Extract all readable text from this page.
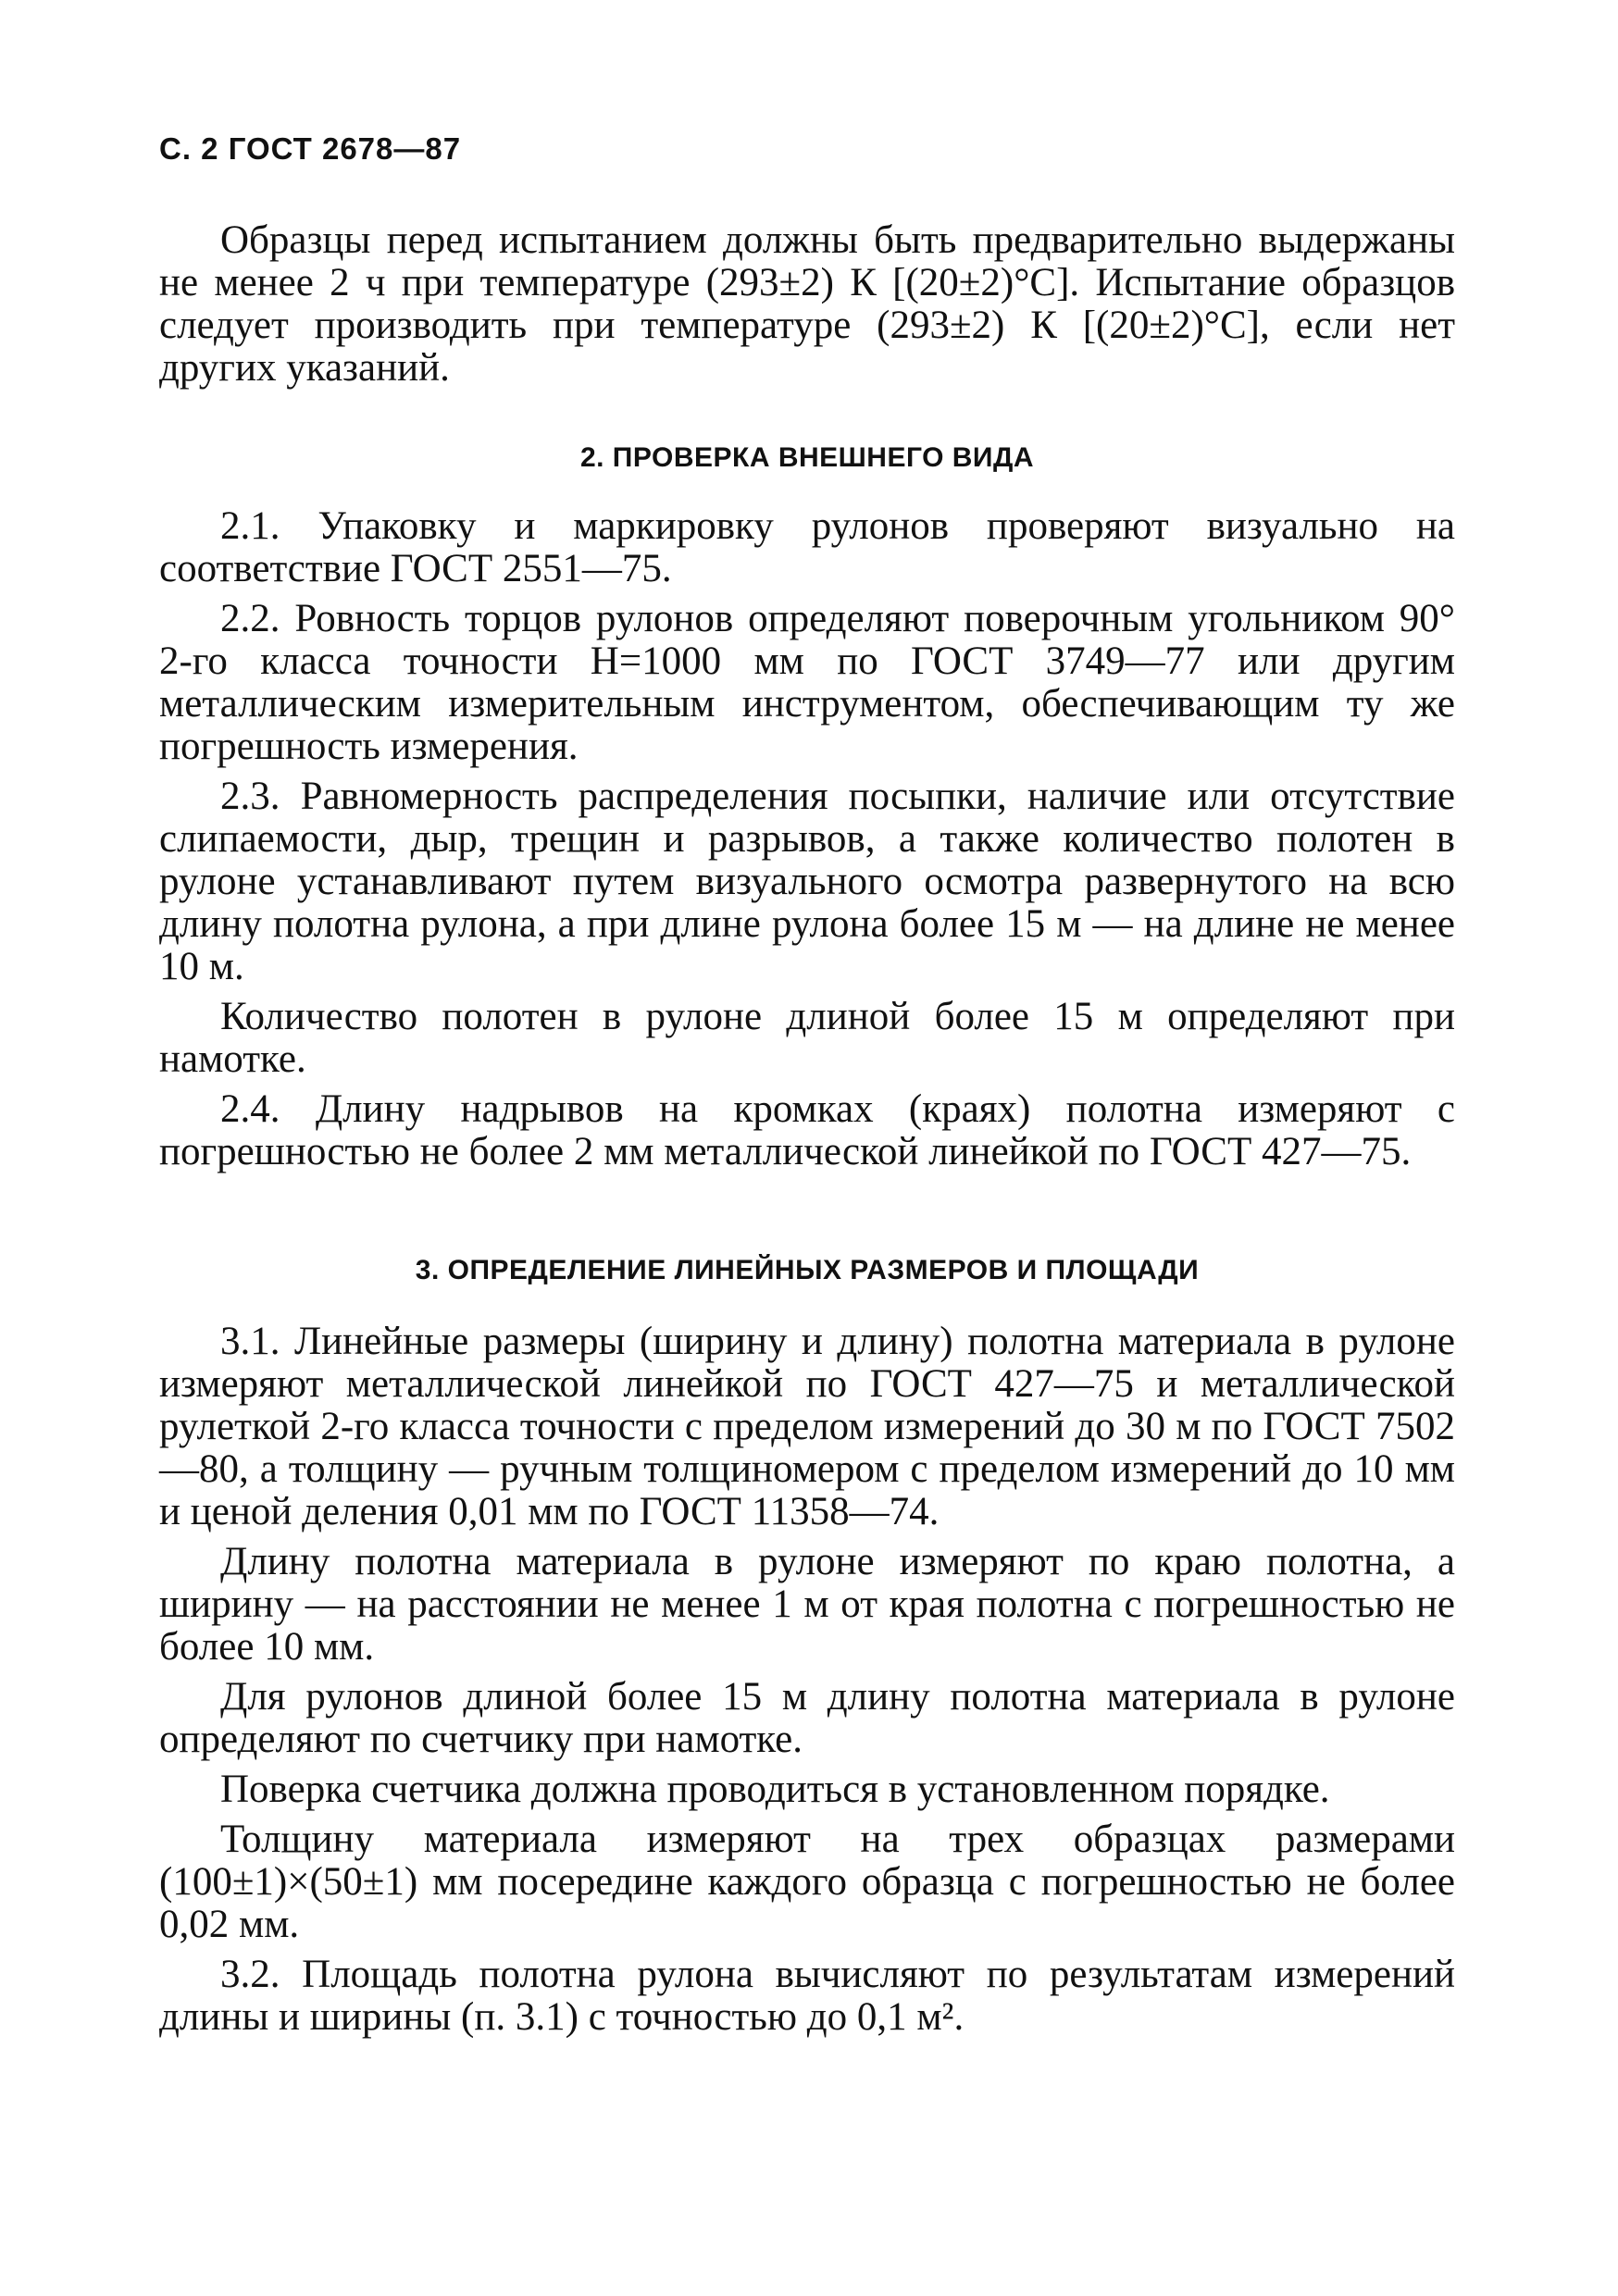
С. 2 ГОСТ 2678—87

Образцы перед испытанием должны быть предварительно выдержаны не менее 2 ч при температуре (293±2) К [(20±2)°С]. Испытание образцов следует производить при температуре (293±2) К [(20±2)°С], если нет других указаний.

2. ПРОВЕРКА ВНЕШНЕГО ВИДА

2.1. Упаковку и маркировку рулонов проверяют визуально на соответствие ГОСТ 2551—75.

2.2. Ровность торцов рулонов определяют поверочным угольником 90° 2-го класса точности H=1000 мм по ГОСТ 3749—77 или другим металлическим измерительным инструментом, обеспечивающим ту же погрешность измерения.

2.3. Равномерность распределения посыпки, наличие или отсутствие слипаемости, дыр, трещин и разрывов, а также количество полотен в рулоне устанавливают путем визуального осмотра развернутого на всю длину полотна рулона, а при длине рулона более 15 м — на длине не менее 10 м.

Количество полотен в рулоне длиной более 15 м определяют при намотке.

2.4. Длину надрывов на кромках (краях) полотна измеряют с погрешностью не более 2 мм металлической линейкой по ГОСТ 427—75.

3. ОПРЕДЕЛЕНИЕ ЛИНЕЙНЫХ РАЗМЕРОВ И ПЛОЩАДИ

3.1. Линейные размеры (ширину и длину) полотна материала в рулоне измеряют металлической линейкой по ГОСТ 427—75 и металлической рулеткой 2-го класса точности с пределом измерений до 30 м по ГОСТ 7502—80, а толщину — ручным толщиномером с пределом измерений до 10 мм и ценой деления 0,01 мм по ГОСТ 11358—74.

Длину полотна материала в рулоне измеряют по краю полотна, а ширину — на расстоянии не менее 1 м от края полотна с погрешностью не более 10 мм.

Для рулонов длиной более 15 м длину полотна материала в рулоне определяют по счетчику при намотке.

Поверка счетчика должна проводиться в установленном порядке.

Толщину материала измеряют на трех образцах размерами (100±1)×(50±1) мм посередине каждого образца с погрешностью не более 0,02 мм.

3.2. Площадь полотна рулона вычисляют по результатам измерений длины и ширины (п. 3.1) с точностью до 0,1 м².
